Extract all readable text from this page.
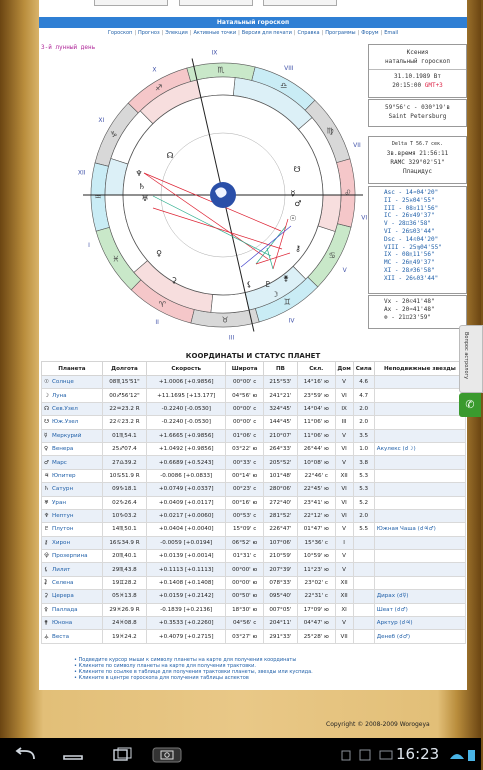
Натальный гороскоп
Гороскоп | Прогноз | Элекция | Активные точки | Версия для печати | Справка | Программы | Форум | Email
3-й лунный день
♈
♉
♊
♋
♌
♍
♎
♏
♐
♑
♒
♓
I
II
III
IV
V
VI
VII
VIII
IX
X
XI
XII	♆
♄
♅
☿
♂
☉
♀
☽
♇
⚸
⚵
⚳
⚷
☊
☋
Ксения
натальный гороскоп
31.10.1989 Вт
20:15:00 GMT+3
59°56'c - 030°19'в
Saint Petersburg
Delta T 56.7 сек.
Зв.время 21:56:11
RAMC 329°02'51"
Плацидус
Asc - 14♒04'20"
II - 25♓04'55"
III - 08♉11'56"
IC - 26♉49'37"
V - 28♊36'58"
VI - 26♋03'44"
Dsc - 14♌04'20"
VIII - 25♍04'55"
IX - 08♏11'56"
MC - 26♏49'37"
XI - 28♐36'58"
XII - 26♑03'44"
Vx - 20♌41'48"
Ax - 20♒41'48"
⊗ - 21♊23'59"
КООРДИНАТЫ И СТАТУС ПЛАНЕТ
Планета	Долгота	Скорость	Широта	ПВ	Скл.	Дом	Сила	Неподвижные звезды
☉ Солнце	08♏15'51"	+1.0006 [+0.9856]	00°00' c	215°53'	14°16' ю	V	4.6	
☽ Луна	00♐56'12"	+11.1695 [+13.177]	04°56' ю	241°21'	23°59' ю	VI	4.7	
☊ Сев.Узел	22♒23.2 R	-0.2240 [-0.0530]	00°00' c	324°45'	14°04' ю	IX	2.0	
☋ Юж.Узел	22♌23.2 R	-0.2240 [-0.0530]	00°00' c	144°45'	11°06' ю	III	2.0	
☿ Меркурий	01♏54.1	+1.6665 [+0.9856]	01°06' c	210°07'	11°06' ю	V	3.5	
♀ Венера	25♐07.4	+1.0492 [+0.9856]	03°22' ю	264°33'	26°44' ю	VI	1.0	Акулекс (☌☽)
♂ Марс	27♎39.2	+0.6689 [+0.5243]	00°33' c	205°52'	10°08' ю	V	3.8	
♃ Юпитер	10♋51.9 R	-0.0086 [+0.0833]	00°14' ю	101°48'	22°46' c	XII	5.3	
♄ Сатурн	09♑18.1	+0.0749 [+0.0337]	00°23' c	280°06'	22°45' ю	VI	5.3	
♅ Уран	02♑26.4	+0.0409 [+0.0117]	00°16' ю	272°40'	23°41' ю	VI	5.2	
♆ Нептун	10♑03.2	+0.0217 [+0.0060]	00°53' c	281°52'	22°12' ю	VI	2.0	
♇ Плутон	14♏50.1	+0.0404 [+0.0040]	15°09' c	226°47'	01°47' ю	V	5.5	Южная Чаша (☌♃♂)
⚷ Хирон	16♋34.9 R	-0.0059 [+0.0194]	06°52' ю	107°06'	15°36' c	I		
⯓ Прозерпина	20♏40.1	+0.0139 [+0.0014]	01°31' c	210°59'	10°59' ю	V		
⚸ Лилит	29♏43.8	+0.1113 [+0.1113]	00°00' ю	207°39'	11°23' ю	V		
⯝ Селена	19♊28.2	+0.1408 [+0.1408]	00°00' ю	078°33'	23°02' c	XII		
⚳ Церера	05♓13.8	+0.0159 [+0.2142]	00°50' ю	095°40'	22°31' c	XII		Дирах (☌☿)
⚴ Паллада	29♓26.9 R	-0.1839 [+0.2136]	18°30' ю	007°05'	17°09' ю	XI		Шеат (☌♂)
⚵ Юнона	24♓08.8	+0.3533 [+0.2260]	04°56' c	204°11'	04°47' ю	V		Арктур (☌♃)
⚶ Веста	19♓24.2	+0.4079 [+0.2715]	03°27' ю	291°33'	25°28' ю	VII		Денеб (☌♂)
• Подведите курсор мыши к символу планеты на карте для получения координаты
• Кликните по символу планеты на карте для получения трактовки.
• Кликните по ссылке в таблице для получения трактовки планеты, звезды или куспида.
• Кликните в центре гороскопа для получения таблицы аспектов
Copyright © 2008-2009 Worogeya
Вопрос астрологу
✆
16:23
